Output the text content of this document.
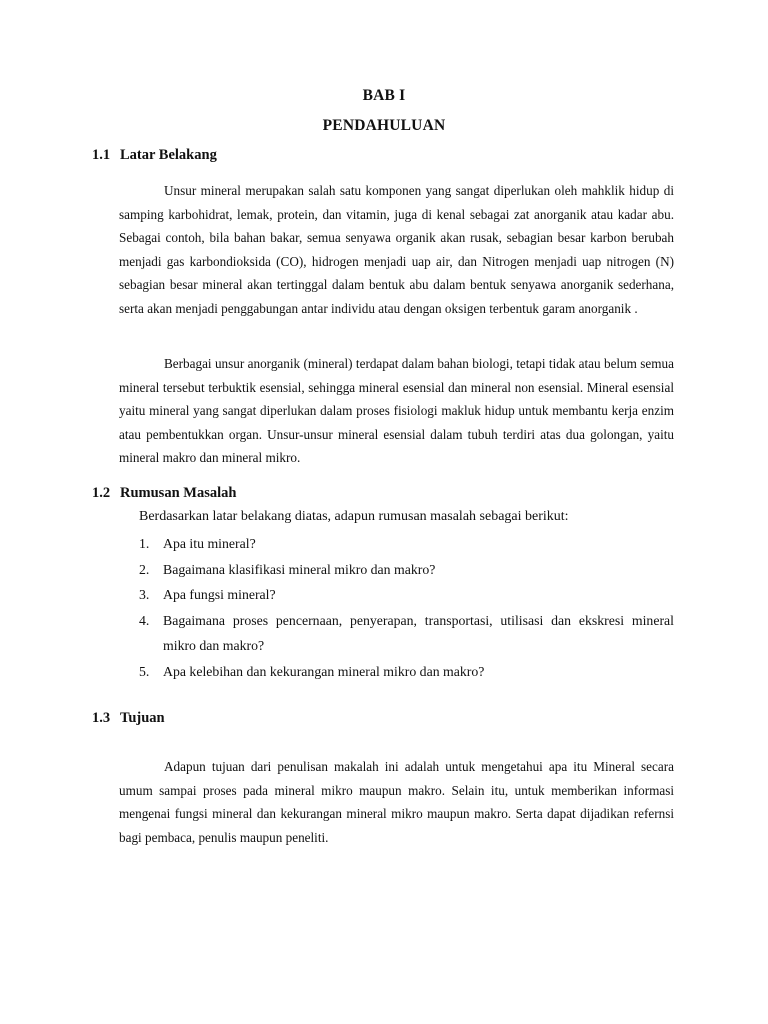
BAB I
PENDAHULUAN
1.1 Latar Belakang

Unsur mineral merupakan salah satu komponen yang sangat diperlukan oleh mahklik hidup di samping karbohidrat, lemak, protein, dan vitamin, juga di kenal sebagai zat anorganik atau kadar abu. Sebagai contoh, bila bahan bakar, semua senyawa organik akan rusak, sebagian besar karbon berubah menjadi gas karbondioksida (CO), hidrogen menjadi uap air, dan Nitrogen menjadi uap nitrogen (N) sebagian besar mineral akan tertinggal dalam bentuk abu dalam bentuk senyawa anorganik sederhana, serta akan menjadi penggabungan antar individu atau dengan oksigen terbentuk garam anorganik .

Berbagai unsur anorganik (mineral) terdapat dalam bahan biologi, tetapi tidak atau belum semua mineral tersebut terbuktik esensial, sehingga mineral esensial dan mineral non esensial. Mineral esensial yaitu mineral yang sangat diperlukan dalam proses fisiologi makluk hidup untuk membantu kerja enzim atau pembentukkan organ. Unsur-unsur mineral esensial dalam tubuh terdiri atas dua golongan, yaitu mineral makro dan mineral mikro.

1.2 Rumusan Masalah
Berdasarkan latar belakang diatas, adapun rumusan masalah sebagai berikut:
1. Apa itu mineral?
2. Bagaimana klasifikasi mineral mikro dan makro?
3. Apa fungsi mineral?
4. Bagaimana proses pencernaan, penyerapan, transportasi, utilisasi dan ekskresi mineral mikro dan makro?
5. Apa kelebihan dan kekurangan mineral mikro dan makro?
1.3 Tujuan

Adapun tujuan dari penulisan makalah ini adalah untuk mengetahui apa itu Mineral secara umum sampai proses pada mineral mikro maupun makro. Selain itu, untuk memberikan informasi mengenai fungsi mineral dan kekurangan mineral mikro maupun makro. Serta dapat dijadikan refernsi bagi pembaca, penulis maupun peneliti.
